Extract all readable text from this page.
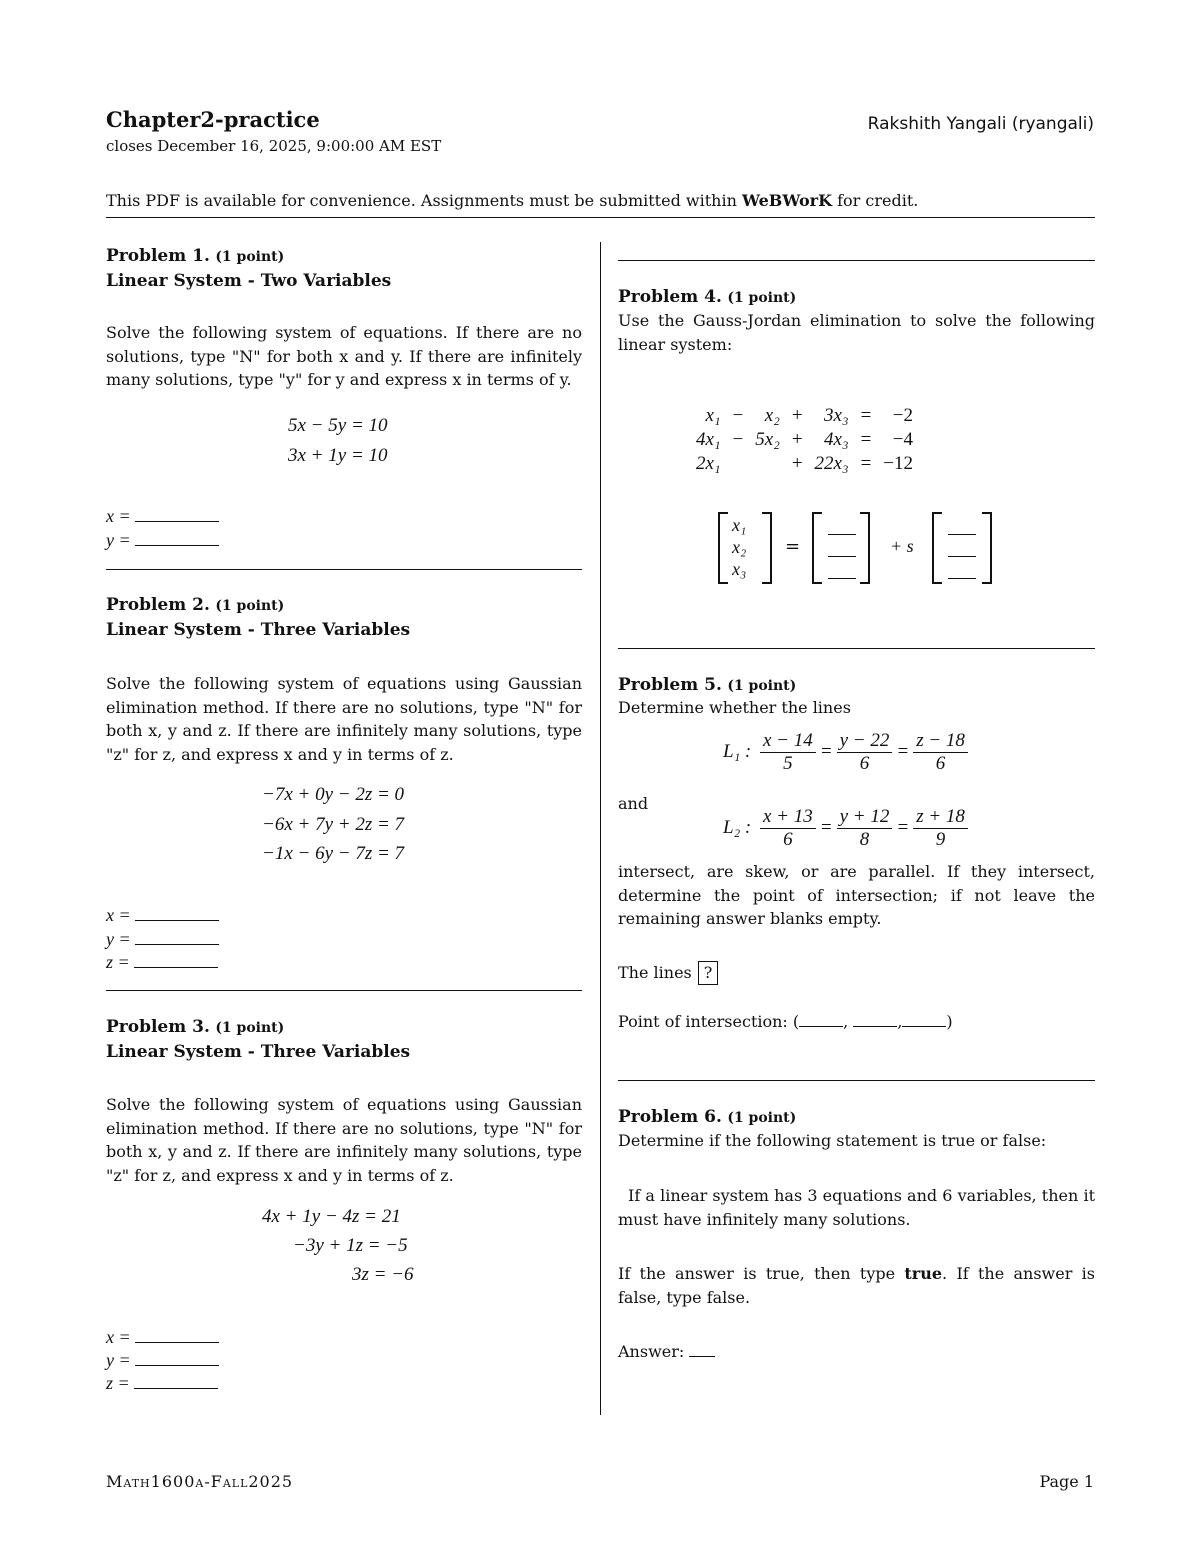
Chapter2-practice
closes December 16, 2025, 9:00:00 AM EST
Rakshith Yangali (ryangali)
This PDF is available for convenience. Assignments must be submitted within WeBWorK for credit.
Problem 1. (1 point)
Linear System - Two Variables
Solve the following system of equations. If there are no solutions, type "N" for both x and y. If there are infinitely many solutions, type "y" for y and express x in terms of y.
5x − 5y = 10
3x + 1y = 10
x =
y =
Problem 2. (1 point)
Linear System - Three Variables
Solve the following system of equations using Gaussian elimination method. If there are no solutions, type "N" for both x, y and z. If there are infinitely many solutions, type "z" for z, and express x and y in terms of z.
−7x + 0y − 2z = 0
−6x + 7y + 2z = 7
−1x − 6y − 7z = 7
x =
y =
z =
Problem 3. (1 point)
Linear System - Three Variables
Solve the following system of equations using Gaussian elimination method. If there are no solutions, type "N" for both x, y and z. If there are infinitely many solutions, type "z" for z, and express x and y in terms of z.
4x + 1y − 4z = 21
−3y + 1z = −5
3z = −6
x =
y =
z =
Problem 4. (1 point)
Use the Gauss-Jordan elimination to solve the following linear system:
x₁	−	x₂	+	3x₃	=	−2
4x₁	−	5x₂	+	4x₃	=	−4
2x₁			+	22x₃	=	−12
x₁
x₂
x₃
=	+ s
Problem 5. (1 point)
Determine whether the lines
L₁ : $\frac{x - 14}{5} = \frac{y - 22}{6} = \frac{z - 18}{6}$
and
L₂ : $\frac{x + 13}{6} = \frac{y + 12}{8} = \frac{z + 18}{9}$
intersect, are skew, or are parallel. If they intersect, determine the point of intersection; if not leave the remaining answer blanks empty.
The lines ?
Point of intersection: (	,	,	)
Problem 6. (1 point)
Determine if the following statement is true or false:
If a linear system has 3 equations and 6 variables, then it must have infinitely many solutions.
If the answer is true, then type true. If the answer is false, type false.
Answer:
Math1600a-Fall2025	Page 1
